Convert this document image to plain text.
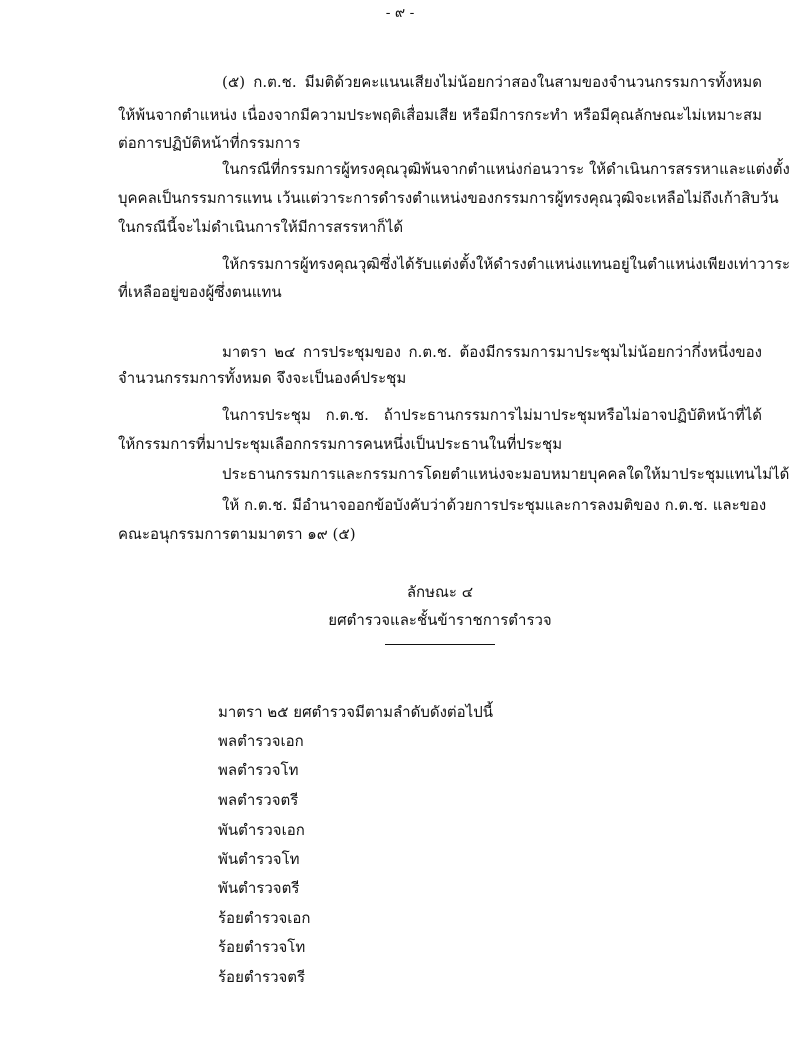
- ๙ -
(๕) ก.ต.ช. มีมติด้วยคะแนนเสียงไม่น้อยกว่าสองในสามของจำนวนกรรมการทั้งหมด
ให้พ้นจากตำแหน่ง เนื่องจากมีความประพฤติเสื่อมเสีย หรือมีการกระทำ หรือมีคุณลักษณะไม่เหมาะสม
ต่อการปฏิบัติหน้าที่กรรมการ
ในกรณีที่กรรมการผู้ทรงคุณวุฒิพ้นจากตำแหน่งก่อนวาระ ให้ดำเนินการสรรหาและแต่งตั้ง
บุคคลเป็นกรรมการแทน เว้นแต่วาระการดำรงตำแหน่งของกรรมการผู้ทรงคุณวุฒิจะเหลือไม่ถึงเก้าสิบวัน
ในกรณีนี้จะไม่ดำเนินการให้มีการสรรหาก็ได้
ให้กรรมการผู้ทรงคุณวุฒิซึ่งได้รับแต่งตั้งให้ดำรงตำแหน่งแทนอยู่ในตำแหน่งเพียงเท่าวาระ
ที่เหลืออยู่ของผู้ซึ่งตนแทน
มาตรา ๒๔ การประชุมของ ก.ต.ช. ต้องมีกรรมการมาประชุมไม่น้อยกว่ากึ่งหนึ่งของ
จำนวนกรรมการทั้งหมด จึงจะเป็นองค์ประชุม
ในการประชุม ก.ต.ช. ถ้าประธานกรรมการไม่มาประชุมหรือไม่อาจปฏิบัติหน้าที่ได้
ให้กรรมการที่มาประชุมเลือกกรรมการคนหนึ่งเป็นประธานในที่ประชุม
ประธานกรรมการและกรรมการโดยตำแหน่งจะมอบหมายบุคคลใดให้มาประชุมแทนไม่ได้
ให้ ก.ต.ช. มีอำนาจออกข้อบังคับว่าด้วยการประชุมและการลงมติของ ก.ต.ช. และของ
คณะอนุกรรมการตามมาตรา ๑๙ (๕)
ลักษณะ ๔
ยศตำรวจและชั้นข้าราชการตำรวจ
มาตรา ๒๕ ยศตำรวจมีตามลำดับดังต่อไปนี้
พลตำรวจเอก
พลตำรวจโท
พลตำรวจตรี
พันตำรวจเอก
พันตำรวจโท
พันตำรวจตรี
ร้อยตำรวจเอก
ร้อยตำรวจโท
ร้อยตำรวจตรี
